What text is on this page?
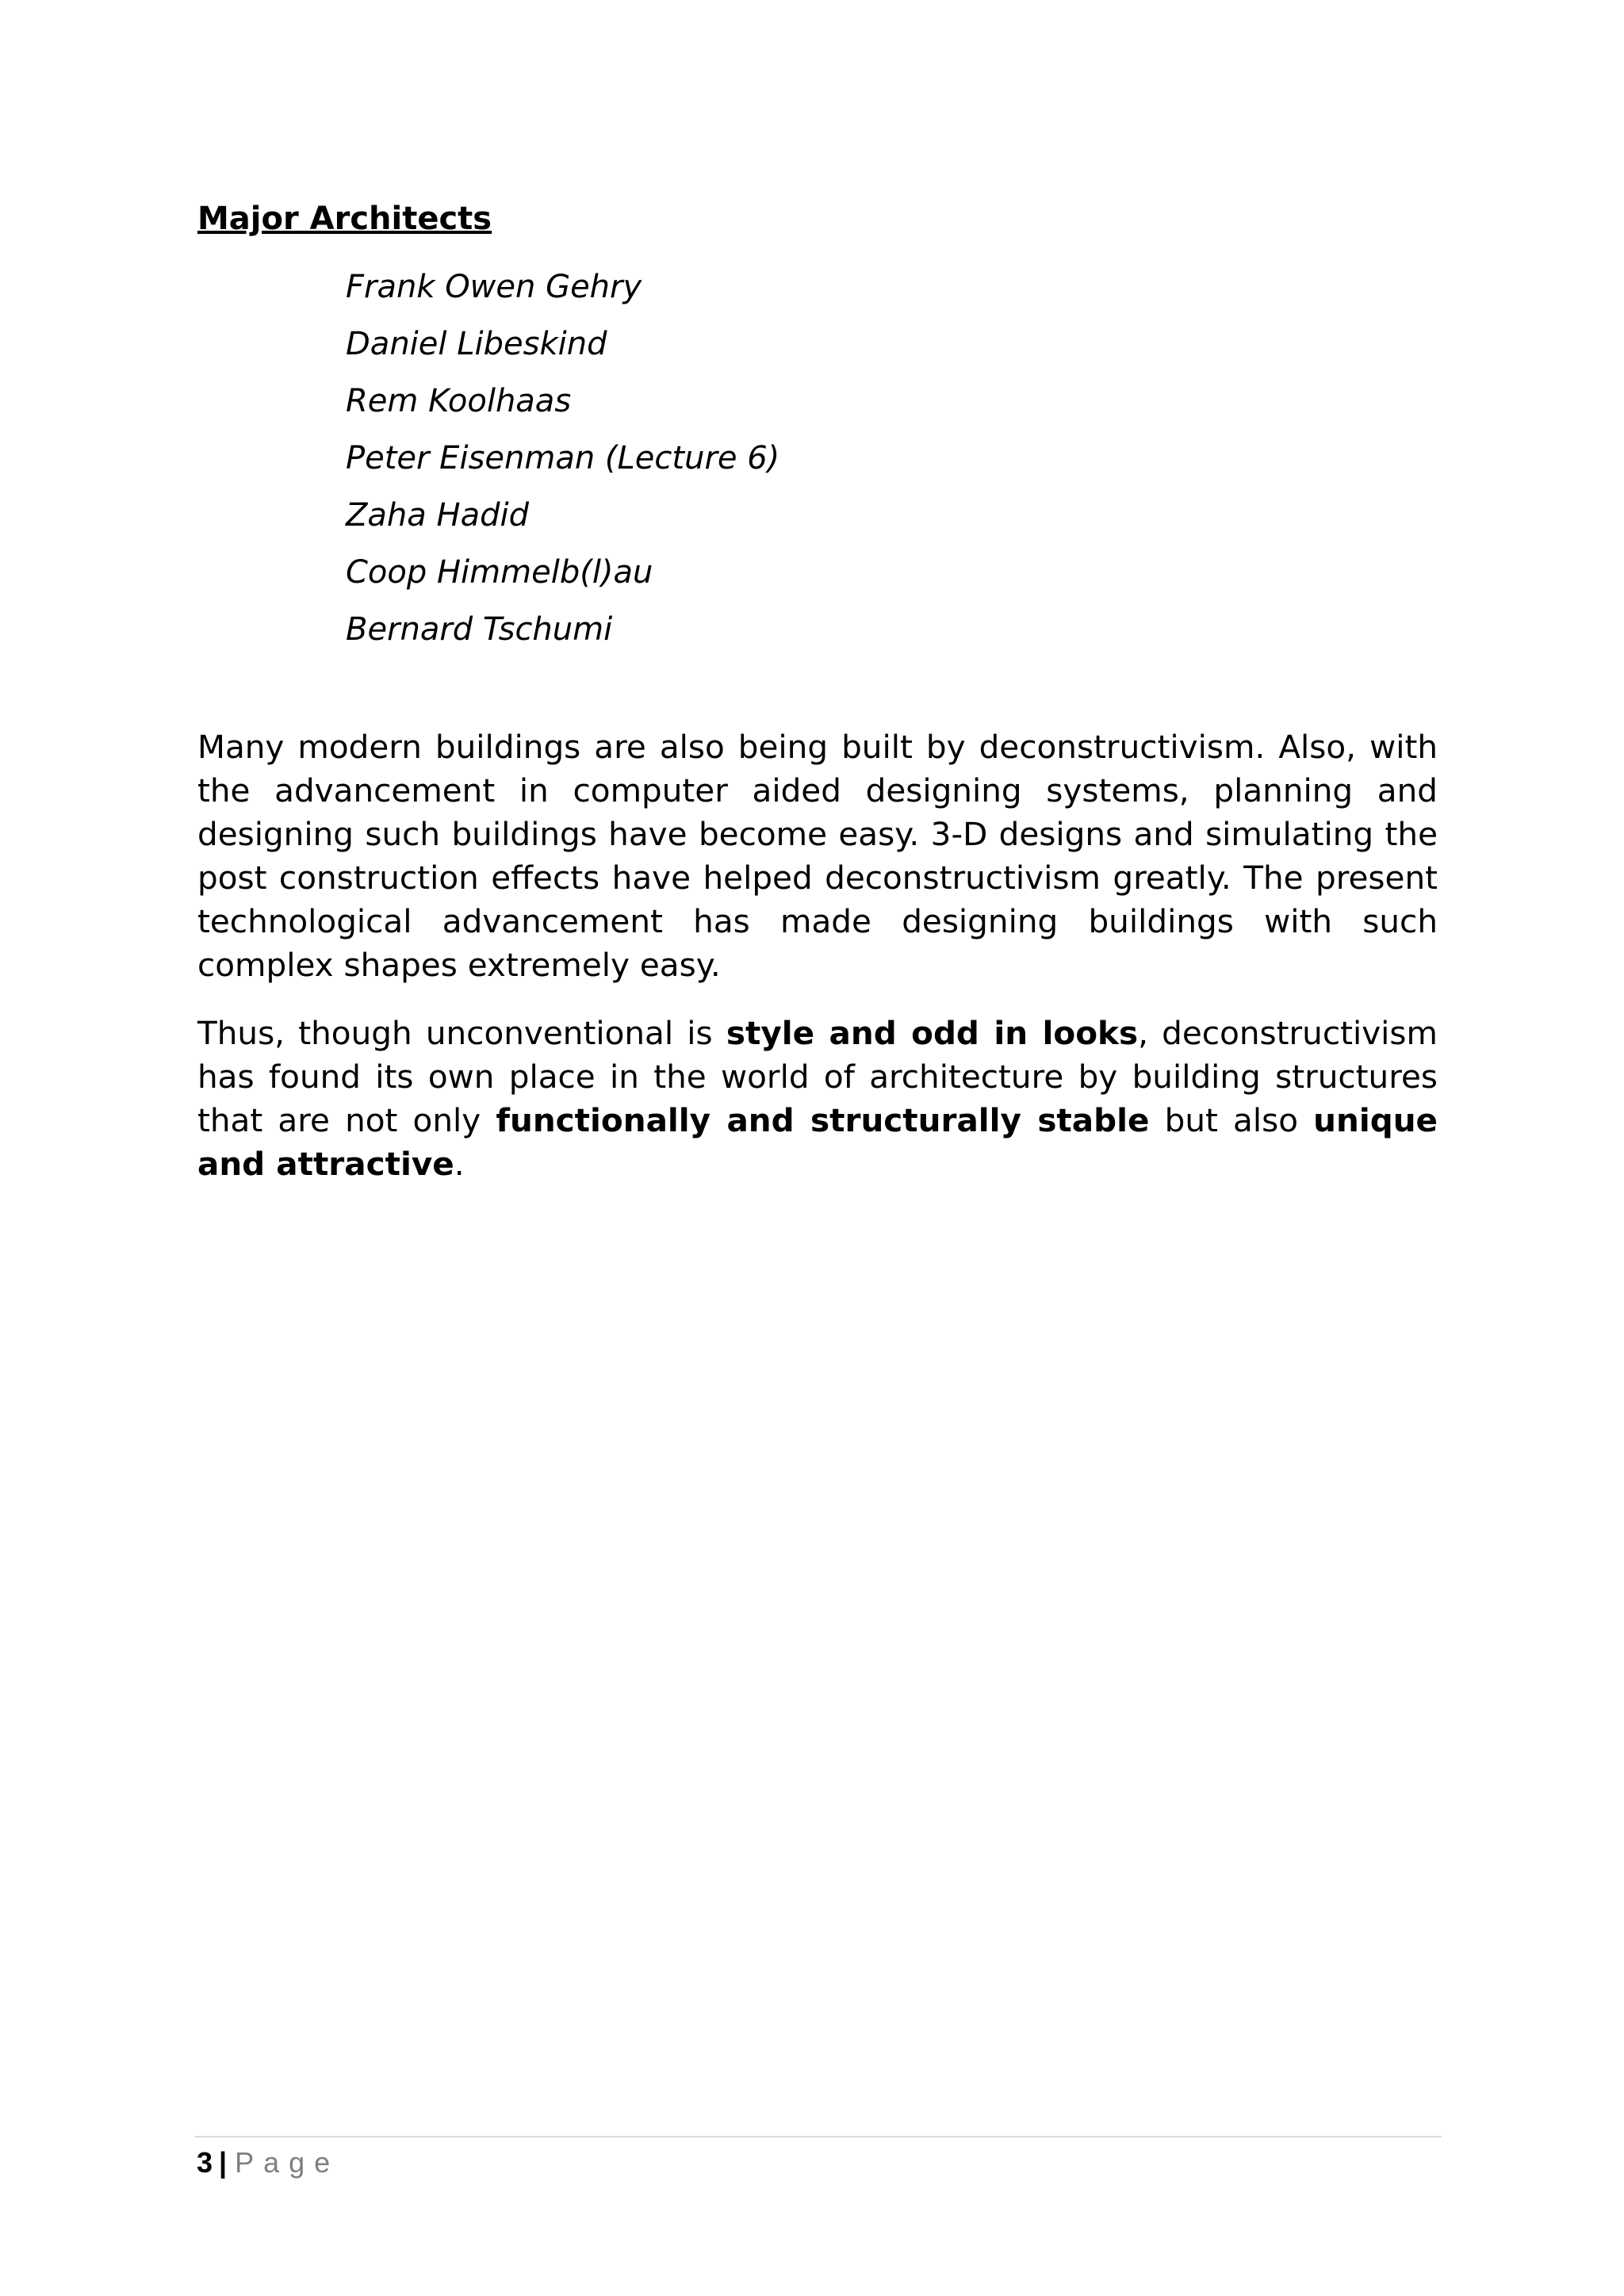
Major Architects
Frank Owen Gehry
Daniel Libeskind
Rem Koolhaas
Peter Eisenman (Lecture 6)
Zaha Hadid
Coop Himmelb(l)au
Bernard Tschumi

Many modern buildings are also being built by deconstructivism. Also, with the advancement in computer aided designing systems, planning and designing such buildings have become easy. 3-D designs and simulating the post construction effects have helped deconstructivism greatly. The present technological advancement has made designing buildings with such complex shapes extremely easy.

Thus, though unconventional is style and odd in looks, deconstructivism has found its own place in the world of architecture by building structures that are not only functionally and structurally stable but also unique and attractive.

3 | Page
